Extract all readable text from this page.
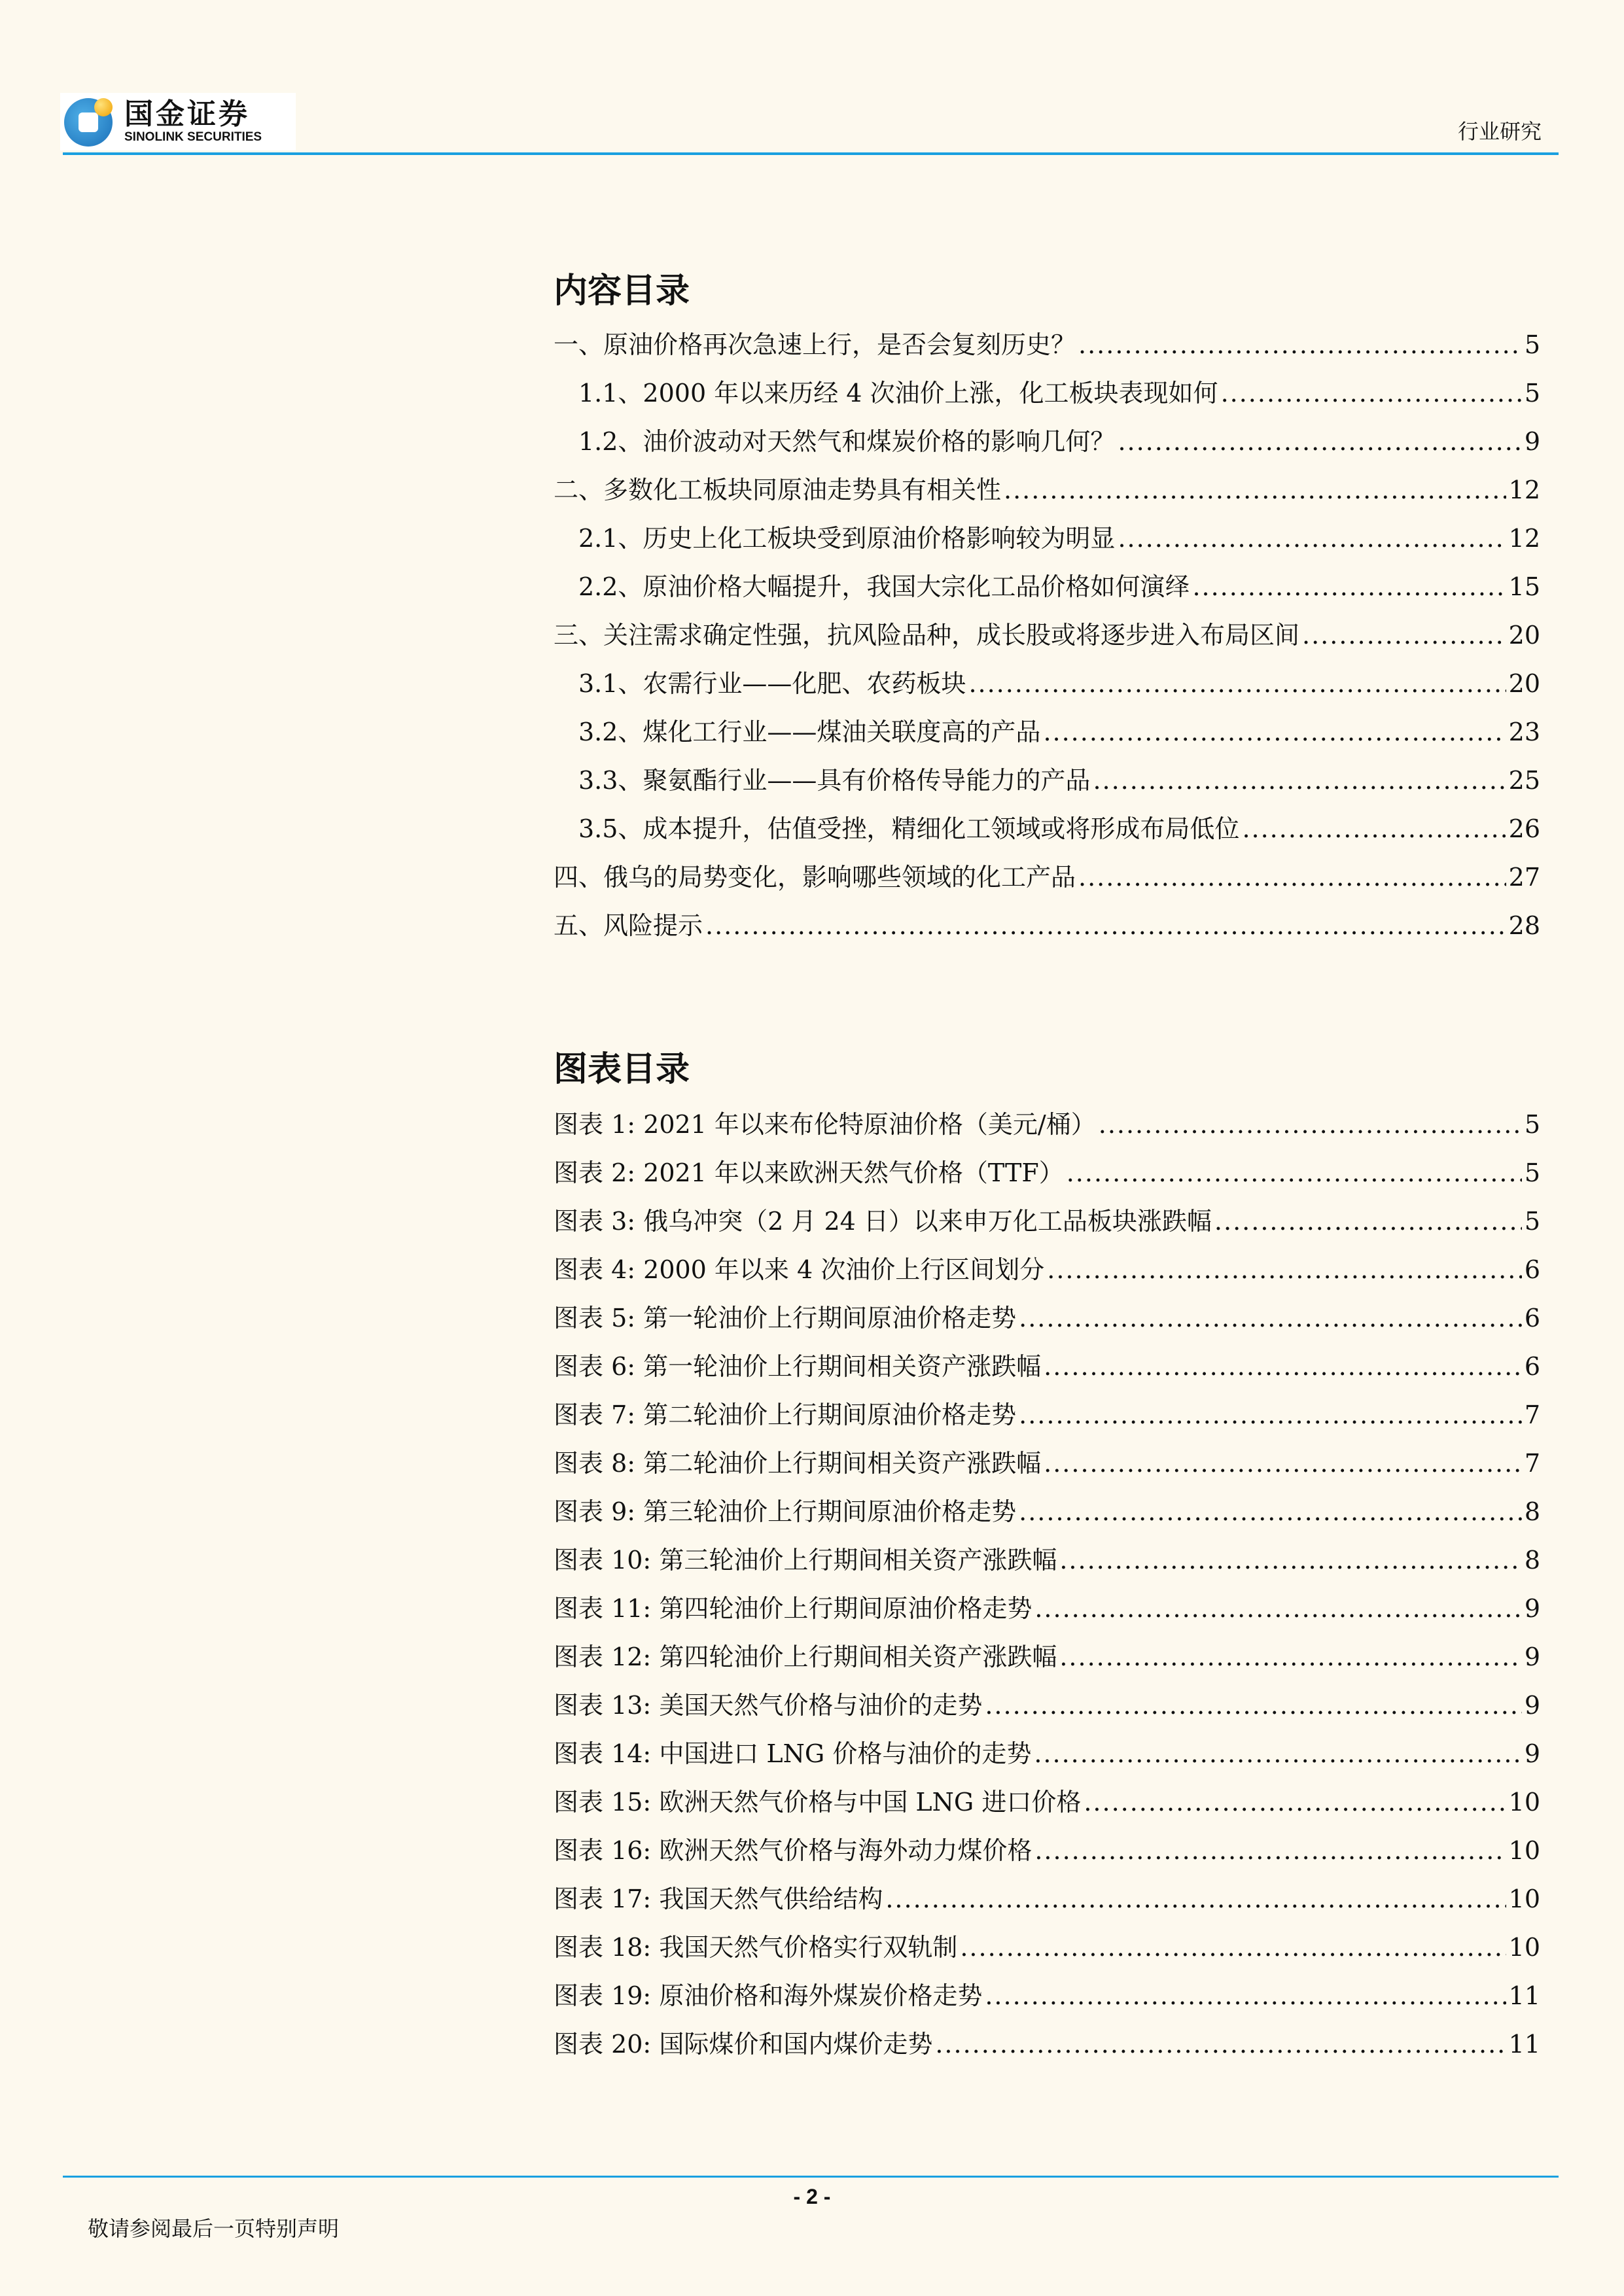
国金证券
SINOLINK SECURITIES	行业研究
内容目录
一、原油价格再次急速上行，是否会复刻历史？ .....	5
1.1、2000 年以来历经 4 次油价上涨，化工板块表现如何 .....	5
1.2、油价波动对天然气和煤炭价格的影响几何？ .....	9
二、多数化工板块同原油走势具有相关性 .....	12
2.1、历史上化工板块受到原油价格影响较为明显 .....	12
2.2、原油价格大幅提升，我国大宗化工品价格如何演绎 .....	15
三、关注需求确定性强，抗风险品种，成长股或将逐步进入布局区间 .....	20
3.1、农需行业——化肥、农药板块 .....	20
3.2、煤化工行业——煤油关联度高的产品 .....	23
3.3、聚氨酯行业——具有价格传导能力的产品 .....	25
3.5、成本提升，估值受挫，精细化工领域或将形成布局低位 .....	26
四、俄乌的局势变化，影响哪些领域的化工产品 .....	27
五、风险提示 .....	28
图表目录
图表 1: 2021 年以来布伦特原油价格（美元/桶） .....	5
图表 2: 2021 年以来欧洲天然气价格（TTF） .....	5
图表 3: 俄乌冲突（2 月 24 日）以来申万化工品板块涨跌幅 .....	5
图表 4: 2000 年以来 4 次油价上行区间划分 .....	6
图表 5: 第一轮油价上行期间原油价格走势 .....	6
图表 6: 第一轮油价上行期间相关资产涨跌幅 .....	6
图表 7: 第二轮油价上行期间原油价格走势 .....	7
图表 8: 第二轮油价上行期间相关资产涨跌幅 .....	7
图表 9: 第三轮油价上行期间原油价格走势 .....	8
图表 10: 第三轮油价上行期间相关资产涨跌幅 .....	8
图表 11: 第四轮油价上行期间原油价格走势 .....	9
图表 12: 第四轮油价上行期间相关资产涨跌幅 .....	9
图表 13: 美国天然气价格与油价的走势 .....	9
图表 14: 中国进口 LNG 价格与油价的走势 .....	9
图表 15: 欧洲天然气价格与中国 LNG 进口价格 .....	10
图表 16: 欧洲天然气价格与海外动力煤价格 .....	10
图表 17: 我国天然气供给结构 .....	10
图表 18: 我国天然气价格实行双轨制 .....	10
图表 19: 原油价格和海外煤炭价格走势 .....	11
图表 20: 国际煤价和国内煤价走势 .....	11
- 2 -
敬请参阅最后一页特别声明
